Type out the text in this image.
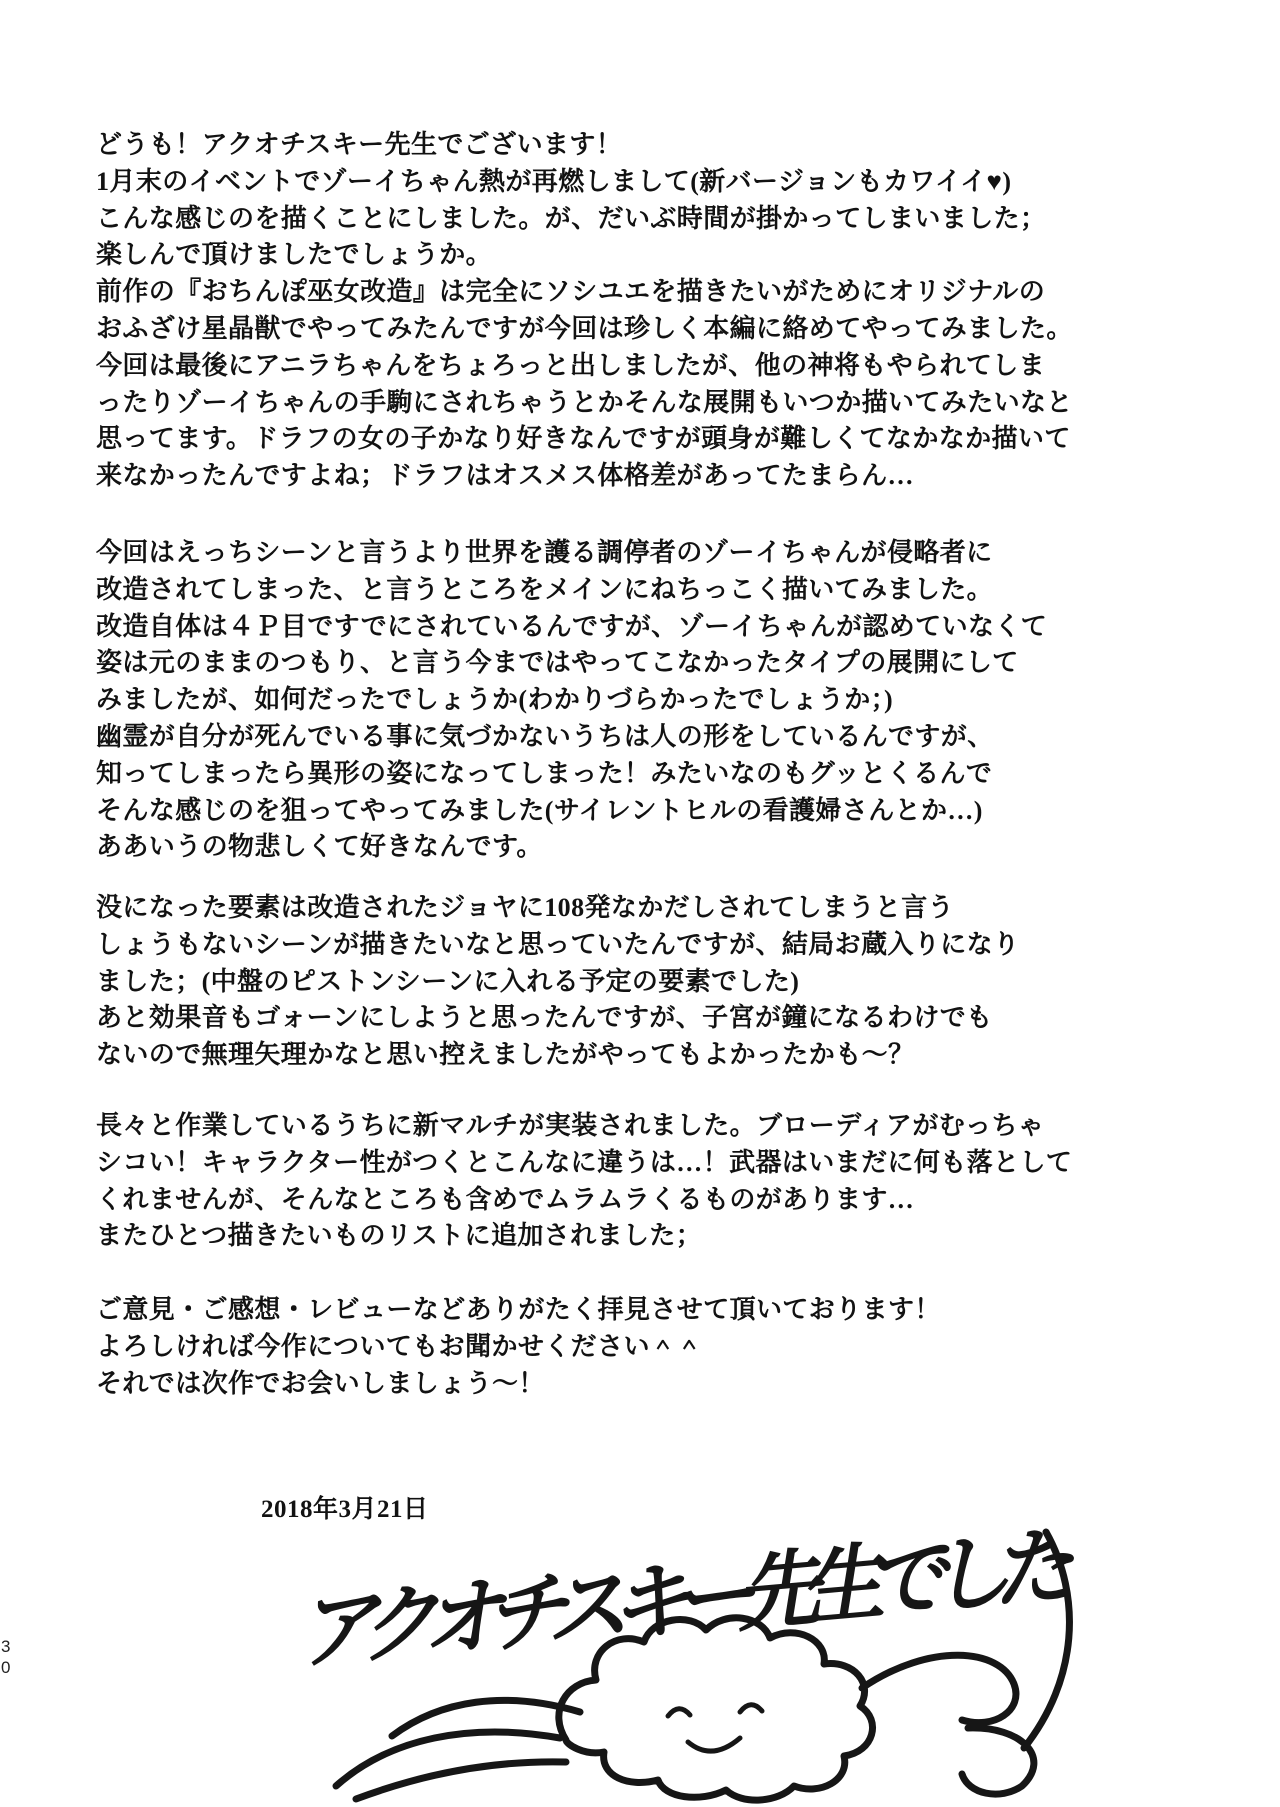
どうも！アクオチスキー先生でございます！
1月末のイベントでゾーイちゃん熱が再燃しまして(新バージョンもカワイイ♥)
こんな感じのを描くことにしました。が、だいぶ時間が掛かってしまいました；
楽しんで頂けましたでしょうか。
前作の『おちんぽ巫女改造』は完全にソシユエを描きたいがためにオリジナルの
おふざけ星晶獣でやってみたんですが今回は珍しく本編に絡めてやってみました。
今回は最後にアニラちゃんをちょろっと出しましたが、他の神将もやられてしま
ったりゾーイちゃんの手駒にされちゃうとかそんな展開もいつか描いてみたいなと
思ってます。ドラフの女の子かなり好きなんですが頭身が難しくてなかなか描いて
来なかったんですよね；ドラフはオスメス体格差があってたまらん…
今回はえっちシーンと言うより世界を護る調停者のゾーイちゃんが侵略者に
改造されてしまった、と言うところをメインにねちっこく描いてみました。
改造自体は４Ｐ目ですでにされているんですが、ゾーイちゃんが認めていなくて
姿は元のままのつもり、と言う今まではやってこなかったタイプの展開にして
みましたが、如何だったでしょうか(わかりづらかったでしょうか；)
幽霊が自分が死んでいる事に気づかないうちは人の形をしているんですが、
知ってしまったら異形の姿になってしまった！みたいなのもグッとくるんで
そんな感じのを狙ってやってみました(サイレントヒルの看護婦さんとか…)
ああいうの物悲しくて好きなんです。
没になった要素は改造されたジョヤに108発なかだしされてしまうと言う
しょうもないシーンが描きたいなと思っていたんですが、結局お蔵入りになり
ました；(中盤のピストンシーンに入れる予定の要素でした)
あと効果音もゴォーンにしようと思ったんですが、子宮が鐘になるわけでも
ないので無理矢理かなと思い控えましたがやってもよかったかも〜？
長々と作業しているうちに新マルチが実装されました。ブローディアがむっちゃ
シコい！キャラクター性がつくとこんなに違うは…！武器はいまだに何も落として
くれませんが、そんなところも含めでムラムラくるものがあります…
またひとつ描きたいものリストに追加されました；
ご意見・ご感想・レビューなどありがたく拝見させて頂いております！
よろしければ今作についてもお聞かせください＾＾
それでは次作でお会いしましょう〜！
2018年3月21日
3
0	アクオチスキー先生でした
